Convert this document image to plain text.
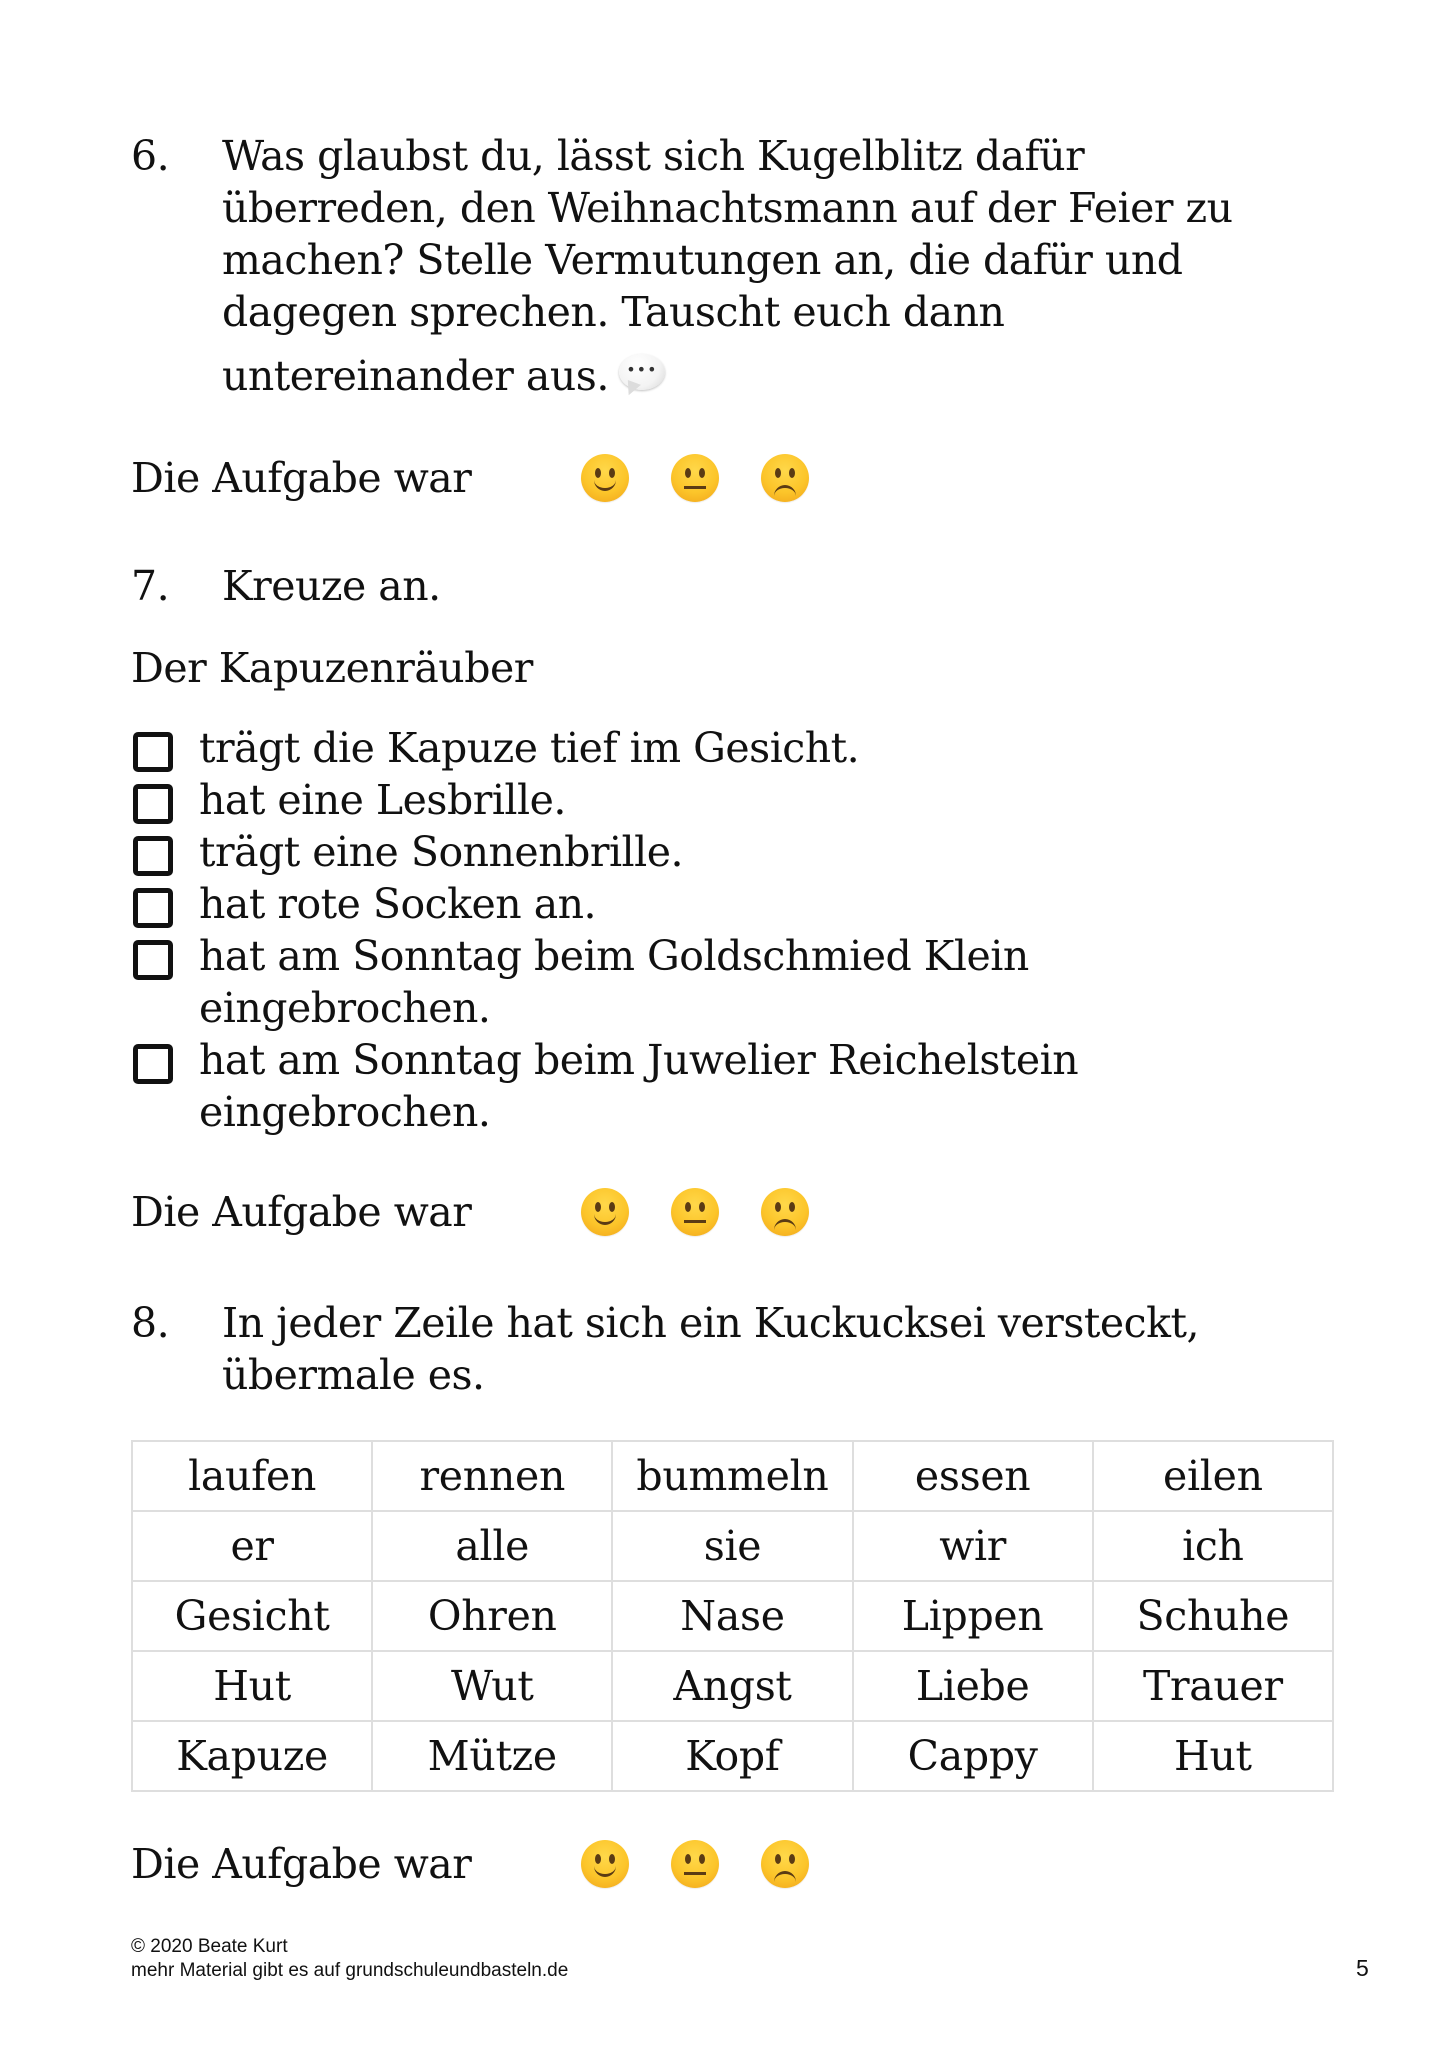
6.	Was glaubst du, lässt sich Kugelblitz dafür
überreden, den Weihnachtsmann auf der Feier zu
machen? Stelle Vermutungen an, die dafür und
dagegen sprechen. Tauscht euch dann
untereinander aus.	•••
Die Aufgabe war
7.	Kreuze an.
Der Kapuzenräuber
trägt die Kapuze tief im Gesicht.
hat eine Lesbrille.
trägt eine Sonnenbrille.
hat rote Socken an.
hat am Sonntag beim Goldschmied Klein
eingebrochen.
hat am Sonntag beim Juwelier Reichelstein
eingebrochen.
Die Aufgabe war
8.	In jeder Zeile hat sich ein Kuckucksei versteckt,
übermale es.
laufen	rennen	bummeln	essen	eilen
er	alle	sie	wir	ich
Gesicht	Ohren	Nase	Lippen	Schuhe
Hut	Wut	Angst	Liebe	Trauer
Kapuze	Mütze	Kopf	Cappy	Hut
Die Aufgabe war
© 2020 Beate Kurt
mehr Material gibt es auf grundschuleundbasteln.de	5
